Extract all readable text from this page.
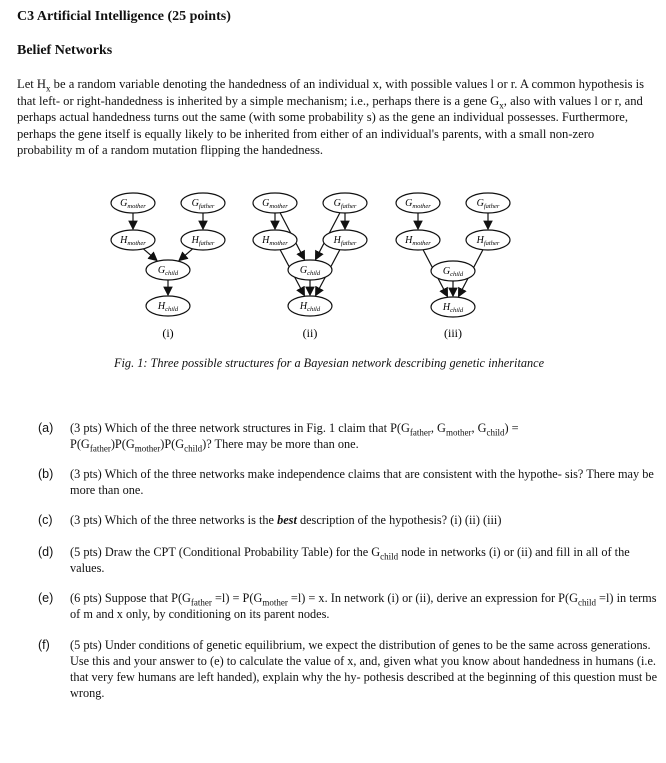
C3 Artificial Intelligence (25 points)
Belief Networks
Let $H_x$ be a random variable denoting the handedness of an individual x, with possible values l or r. A common hypothesis is that left- or right-handedness is inherited by a simple mechanism; i.e., perhaps there is a gene $G_x$, also with values l or r, and perhaps actual handedness turns out the same (with some probability s) as the gene an individual possesses. Furthermore, perhaps the gene itself is equally likely to be inherited from either of an individual's parents, with a small non-zero probability m of a random mutation flipping the handedness.
$G_{mother}$	$G_{father}$
$H_{mother}$	$H_{father}$
$G_{child}$
$H_{child}$
(i)
$G_{mother}$	$G_{father}$
$H_{mother}$	$H_{father}$
$G_{child}$
$H_{child}$
(ii)
$G_{mother}$	$G_{father}$
$H_{mother}$	$H_{father}$
$G_{child}$
$H_{child}$
(iii)
Fig. 1: Three possible structures for a Bayesian network describing genetic inheritance
(a) (3 pts) Which of the three network structures in Fig. 1 claim that $P(G_{father}$, $G_{mother}$, $G_{child}) = P(G_{father})P(G_{mother})P(G_{child})$? There may be more than one.
(b) (3 pts) Which of the three networks make independence claims that are consistent with the hypothe- sis? There may be more than one.
(c) (3 pts) Which of the three networks is the best description of the hypothesis? (i) (ii) (iii)
(d) (5 pts) Draw the CPT (Conditional Probability Table) for the $G_{child}$ node in networks (i) or (ii) and fill in all of the values.
(e) (6 pts) Suppose that $P(G_{father} =l) = P(G_{mother} =l) = x$. In network (i) or (ii), derive an expression for $P(G_{child} =l)$ in terms of m and x only, by conditioning on its parent nodes.
(f) (5 pts) Under conditions of genetic equilibrium, we expect the distribution of genes to be the same across generations. Use this and your answer to (e) to calculate the value of x, and, given what you know about handedness in humans (i.e. that very few humans are left handed), explain why the hy- pothesis described at the beginning of this question must be wrong.
